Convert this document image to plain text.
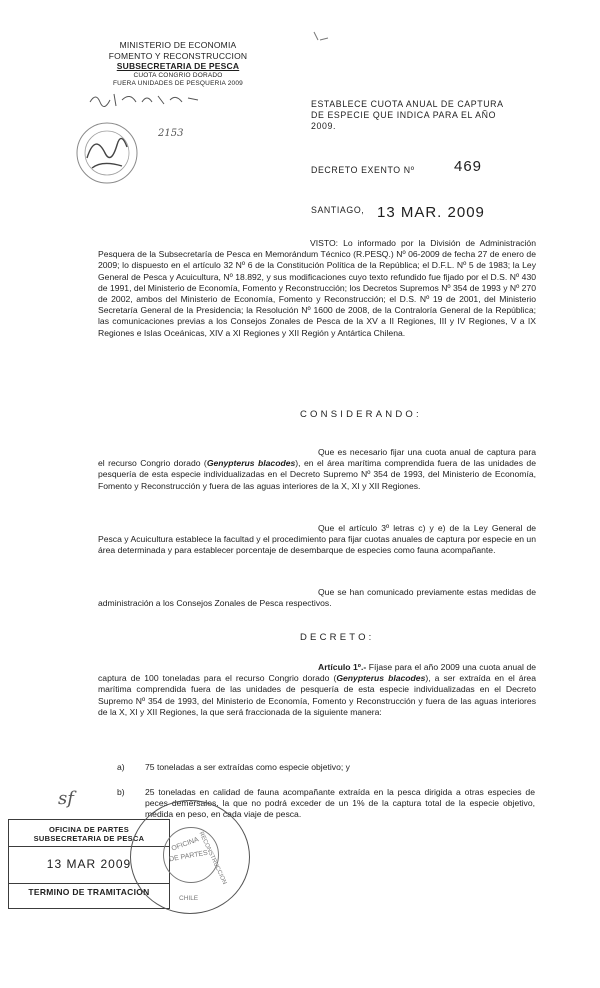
MINISTERIO DE ECONOMIA
FOMENTO Y RECONSTRUCCION
SUBSECRETARIA DE PESCA
CUOTA CONGRIO DORADO
FUERA UNIDADES DE PESQUERIA 2009
2153
ESTABLECE CUOTA ANUAL DE CAPTURA
DE ESPECIE QUE INDICA PARA EL AÑO
2009.
DECRETO EXENTO Nº	469
SANTIAGO, 13 MAR. 2009
VISTO: Lo informado por la División de Administración Pesquera de la Subsecretaría de Pesca en Memorándum Técnico (R.PESQ.) Nº 06-2009 de fecha 27 de enero de 2009; lo dispuesto en el artículo 32 Nº 6 de la Constitución Política de la República; el D.F.L. Nº 5 de 1983; la Ley General de Pesca y Acuicultura, Nº 18.892, y sus modificaciones cuyo texto refundido fue fijado por el D.S. Nº 430 de 1991, del Ministerio de Economía, Fomento y Reconstrucción; los Decretos Supremos Nº 354 de 1993 y Nº 270 de 2002, ambos del Ministerio de Economía, Fomento y Reconstrucción; el D.S. Nº 19 de 2001, del Ministerio Secretaría General de la Presidencia; la Resolución Nº 1600 de 2008, de la Contraloría General de la República; las comunicaciones previas a los Consejos Zonales de Pesca de la XV a II Regiones, III y IV Regiones, V a IX Regiones e Islas Oceánicas, XIV a XI Regiones y XII Región y Antártica Chilena.
CONSIDERANDO:
Que es necesario fijar una cuota anual de captura para el recurso Congrio dorado (Genypterus blacodes), en el área marítima comprendida fuera de las unidades de pesquería de esta especie individualizadas en el Decreto Supremo Nº 354 de 1993, del Ministerio de Economía, Fomento y Reconstrucción y fuera de las aguas interiores de la X, XI y XII Regiones.
Que el artículo 3º letras c) y e) de la Ley General de Pesca y Acuicultura establece la facultad y el procedimiento para fijar cuotas anuales de captura por especie en un área determinada y para establecer porcentaje de desembarque de especies como fauna acompañante.
Que se han comunicado previamente estas medidas de administración a los Consejos Zonales de Pesca respectivos.
DECRETO:
Artículo 1º.- Fíjase para el año 2009 una cuota anual de captura de 100 toneladas para el recurso Congrio dorado (Genypterus blacodes), a ser extraída en el área marítima comprendida fuera de las unidades de pesquería de esta especie individualizadas en el Decreto Supremo Nº 354 de 1993, del Ministerio de Economía, Fomento y Reconstrucción y fuera de las aguas interiores de la X, XI y XII Regiones, la que será fraccionada de la siguiente manera:
a) 75 toneladas a ser extraídas como especie objetivo; y
b) 25 toneladas en calidad de fauna acompañante extraída en la pesca dirigida a otras especies de peces demersales, la que no podrá exceder de un 1% de la captura total de la especie objetivo, medida en peso, en cada viaje de pesca.
sf
OFICINA DE PARTES
SUBSECRETARIA DE PESCA
13 MAR 2009
TERMINO DE TRAMITACION
OFICINA
DE PARTES
RECONSTRUCCION
CHILE
